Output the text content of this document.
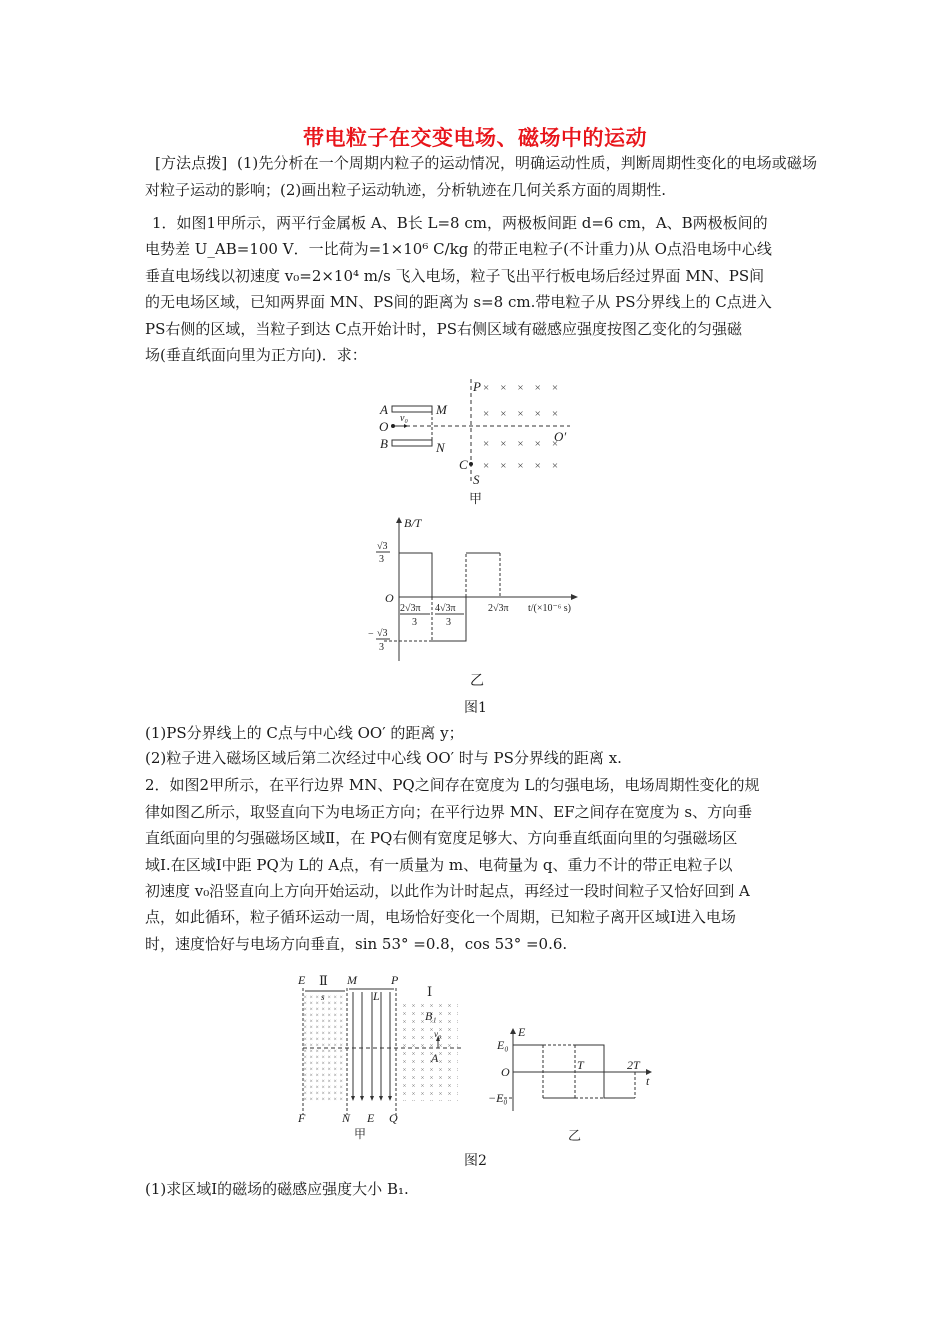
带电粒子在交变电场、磁场中的运动

[方法点拨] (1)先分析在一个周期内粒子的运动情况，明确运动性质，判断周期性变化的电场或磁场对粒子运动的影响；(2)画出粒子运动轨迹，分析轨迹在几何关系方面的周期性.

1．如图1甲所示，两平行金属板 A、B长 L=8 cm，两极板间距 d=6 cm，A、B两极板间的
电势差 U_AB=100 V．一比荷为=1×10⁶ C/kg 的带正电粒子(不计重力)从 O点沿电场中心线
垂直电场线以初速度 v₀=2×10⁴ m/s 飞入电场，粒子飞出平行板电场后经过界面 MN、PS间
的无电场区域，已知两界面 MN、PS间的距离为 s=8 cm.带电粒子从 PS分界线上的 C点进入
PS右侧的区域，当粒子到达 C点开始计时，PS右侧区域有磁感应强度按图乙变化的匀强磁
场(垂直纸面向里为正方向)．求：
A	M
O
v₀
B	N
P
O′
C
S
×    ×    ×    ×    ×
×    ×    ×    ×    ×
×    ×    ×    ×    ×
×    ×    ×    ×    ×
甲
B/T
O
√3
3
− √3
3
2√3π
3
4√3π
3
2√3π t/(×10⁻⁶ s)
乙
图1
(1)PS分界线上的 C点与中心线 OO′ 的距离 y；
(2)粒子进入磁场区域后第二次经过中心线 OO′ 时与 PS分界线的距离 x.
2．如图2甲所示，在平行边界 MN、PQ之间存在宽度为 L的匀强电场，电场周期性变化的规
律如图乙所示，取竖直向下为电场正方向；在平行边界 MN、EF之间存在宽度为 s、方向垂
直纸面向里的匀强磁场区域Ⅱ，在 PQ右侧有宽度足够大、方向垂直纸面向里的匀强磁场区
域Ⅰ.在区域Ⅰ中距 PQ为 L的 A点，有一质量为 m、电荷量为 q、重力不计的带正电粒子以
初速度 v₀沿竖直向上方向开始运动，以此作为计时起点，再经过一段时间粒子又恰好回到 A
点，如此循环，粒子循环运动一周，电场恰好变化一个周期，已知粒子离开区域Ⅰ进入电场
时，速度恰好与电场方向垂直，sin 53° =0.8，cos 53° =0.6.
E	M	P
s	L
B₁
v₀
A
F	N E Q
Ⅱ
Ⅰ
甲
E
E₀
O	T	2T
t
−E₀
乙
图2
(1)求区域Ⅰ的磁场的磁感应强度大小 B₁.
